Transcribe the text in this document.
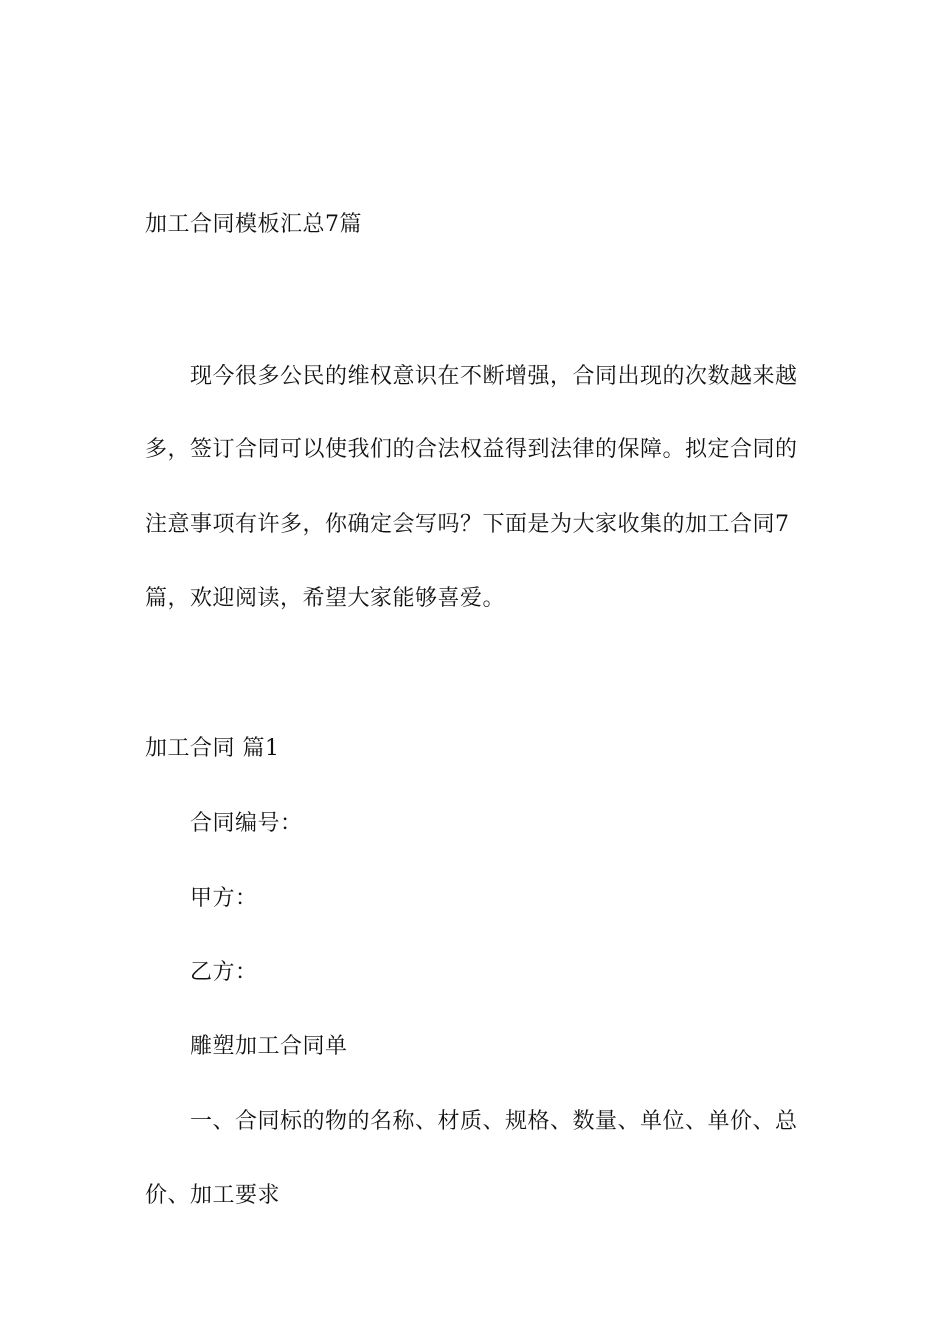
加工合同模板汇总7篇
现今很多公民的维权意识在不断增强，合同出现的次数越来越
多，签订合同可以使我们的合法权益得到法律的保障。拟定合同的
注意事项有许多，你确定会写吗？下面是为大家收集的加工合同7
篇，欢迎阅读，希望大家能够喜爱。
加工合同 篇1
合同编号：
甲方：
乙方：
雕塑加工合同单
一、合同标的物的名称、材质、规格、数量、单位、单价、总
价、加工要求
